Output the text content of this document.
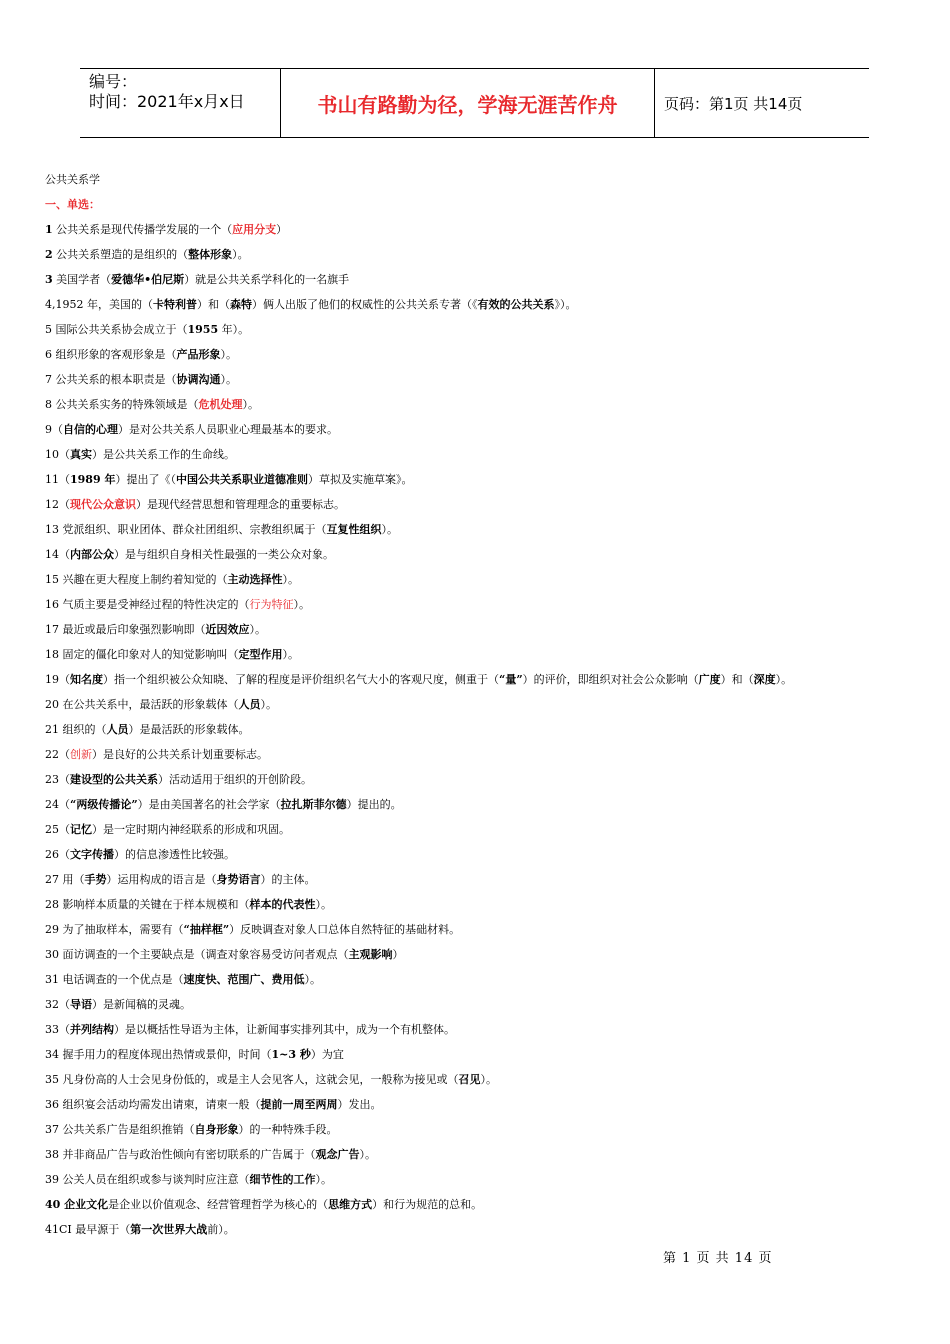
编号：
时间：2021年x月x日	书山有路勤为径，学海无涯苦作舟	页码：第1页 共14页
公共关系学
一、单选：
1 公共关系是现代传播学发展的一个（应用分支）
2 公共关系塑造的是组织的（整体形象）。
3 美国学者（爱德华•伯尼斯）就是公共关系学科化的一名旗手
4,1952 年，美国的（卡特利普）和（森特）俩人出版了他们的权威性的公共关系专著（《有效的公共关系》）。
5 国际公共关系协会成立于（1955 年）。
6 组织形象的客观形象是（产品形象）。
7 公共关系的根本职责是（协调沟通）。
8 公共关系实务的特殊领域是（危机处理）。
9（自信的心理）是对公共关系人员职业心理最基本的要求。
10（真实）是公共关系工作的生命线。
11（1989 年）提出了《（中国公共关系职业道德准则）草拟及实施草案》。
12（现代公众意识）是现代经营思想和管理理念的重要标志。
13 党派组织、职业团体、群众社团组织、宗教组织属于（互复性组织）。
14（内部公众）是与组织自身相关性最强的一类公众对象。
15 兴趣在更大程度上制约着知觉的（主动选择性）。
16 气质主要是受神经过程的特性决定的（行为特征）。
17 最近或最后印象强烈影响即（近因效应）。
18 固定的僵化印象对人的知觉影响叫（定型作用）。
19（知名度）指一个组织被公众知晓、了解的程度是评价组织名气大小的客观尺度，侧重于（“量”）的评价，即组织对社会公众影响（广度）和（深度）。
20 在公共关系中，最活跃的形象载体（人员）。
21 组织的（人员）是最活跃的形象载体。
22（创新）是良好的公共关系计划重要标志。
23（建设型的公共关系）活动适用于组织的开创阶段。
24（“两级传播论”）是由美国著名的社会学家（拉扎斯菲尔德）提出的。
25（记忆）是一定时期内神经联系的形成和巩固。
26（文字传播）的信息渗透性比较强。
27 用（手势）运用构成的语言是（身势语言）的主体。
28 影响样本质量的关键在于样本规模和（样本的代表性）。
29 为了抽取样本，需要有（“抽样框”）反映调查对象人口总体自然特征的基础材料。
30 面访调查的一个主要缺点是（调查对象容易受访问者观点（主观影响）
31 电话调查的一个优点是（速度快、范围广、费用低）。
32（导语）是新闻稿的灵魂。
33（并列结构）是以概括性导语为主体，让新闻事实排列其中，成为一个有机整体。
34 握手用力的程度体现出热情或景仰，时间（1~3 秒）为宜
35 凡身份高的人士会见身份低的，或是主人会见客人，这就会见，一般称为接见或（召见）。
36 组织宴会活动均需发出请柬，请柬一般（提前一周至两周）发出。
37 公共关系广告是组织推销（自身形象）的一种特殊手段。
38 并非商品广告与政治性倾向有密切联系的广告属于（观念广告）。
39 公关人员在组织或参与谈判时应注意（细节性的工作）。
40 企业文化是企业以价值观念、经营管理哲学为核心的（思维方式）和行为规范的总和。
41CI 最早源于（第一次世界大战前）。
第 1 页 共 14 页
